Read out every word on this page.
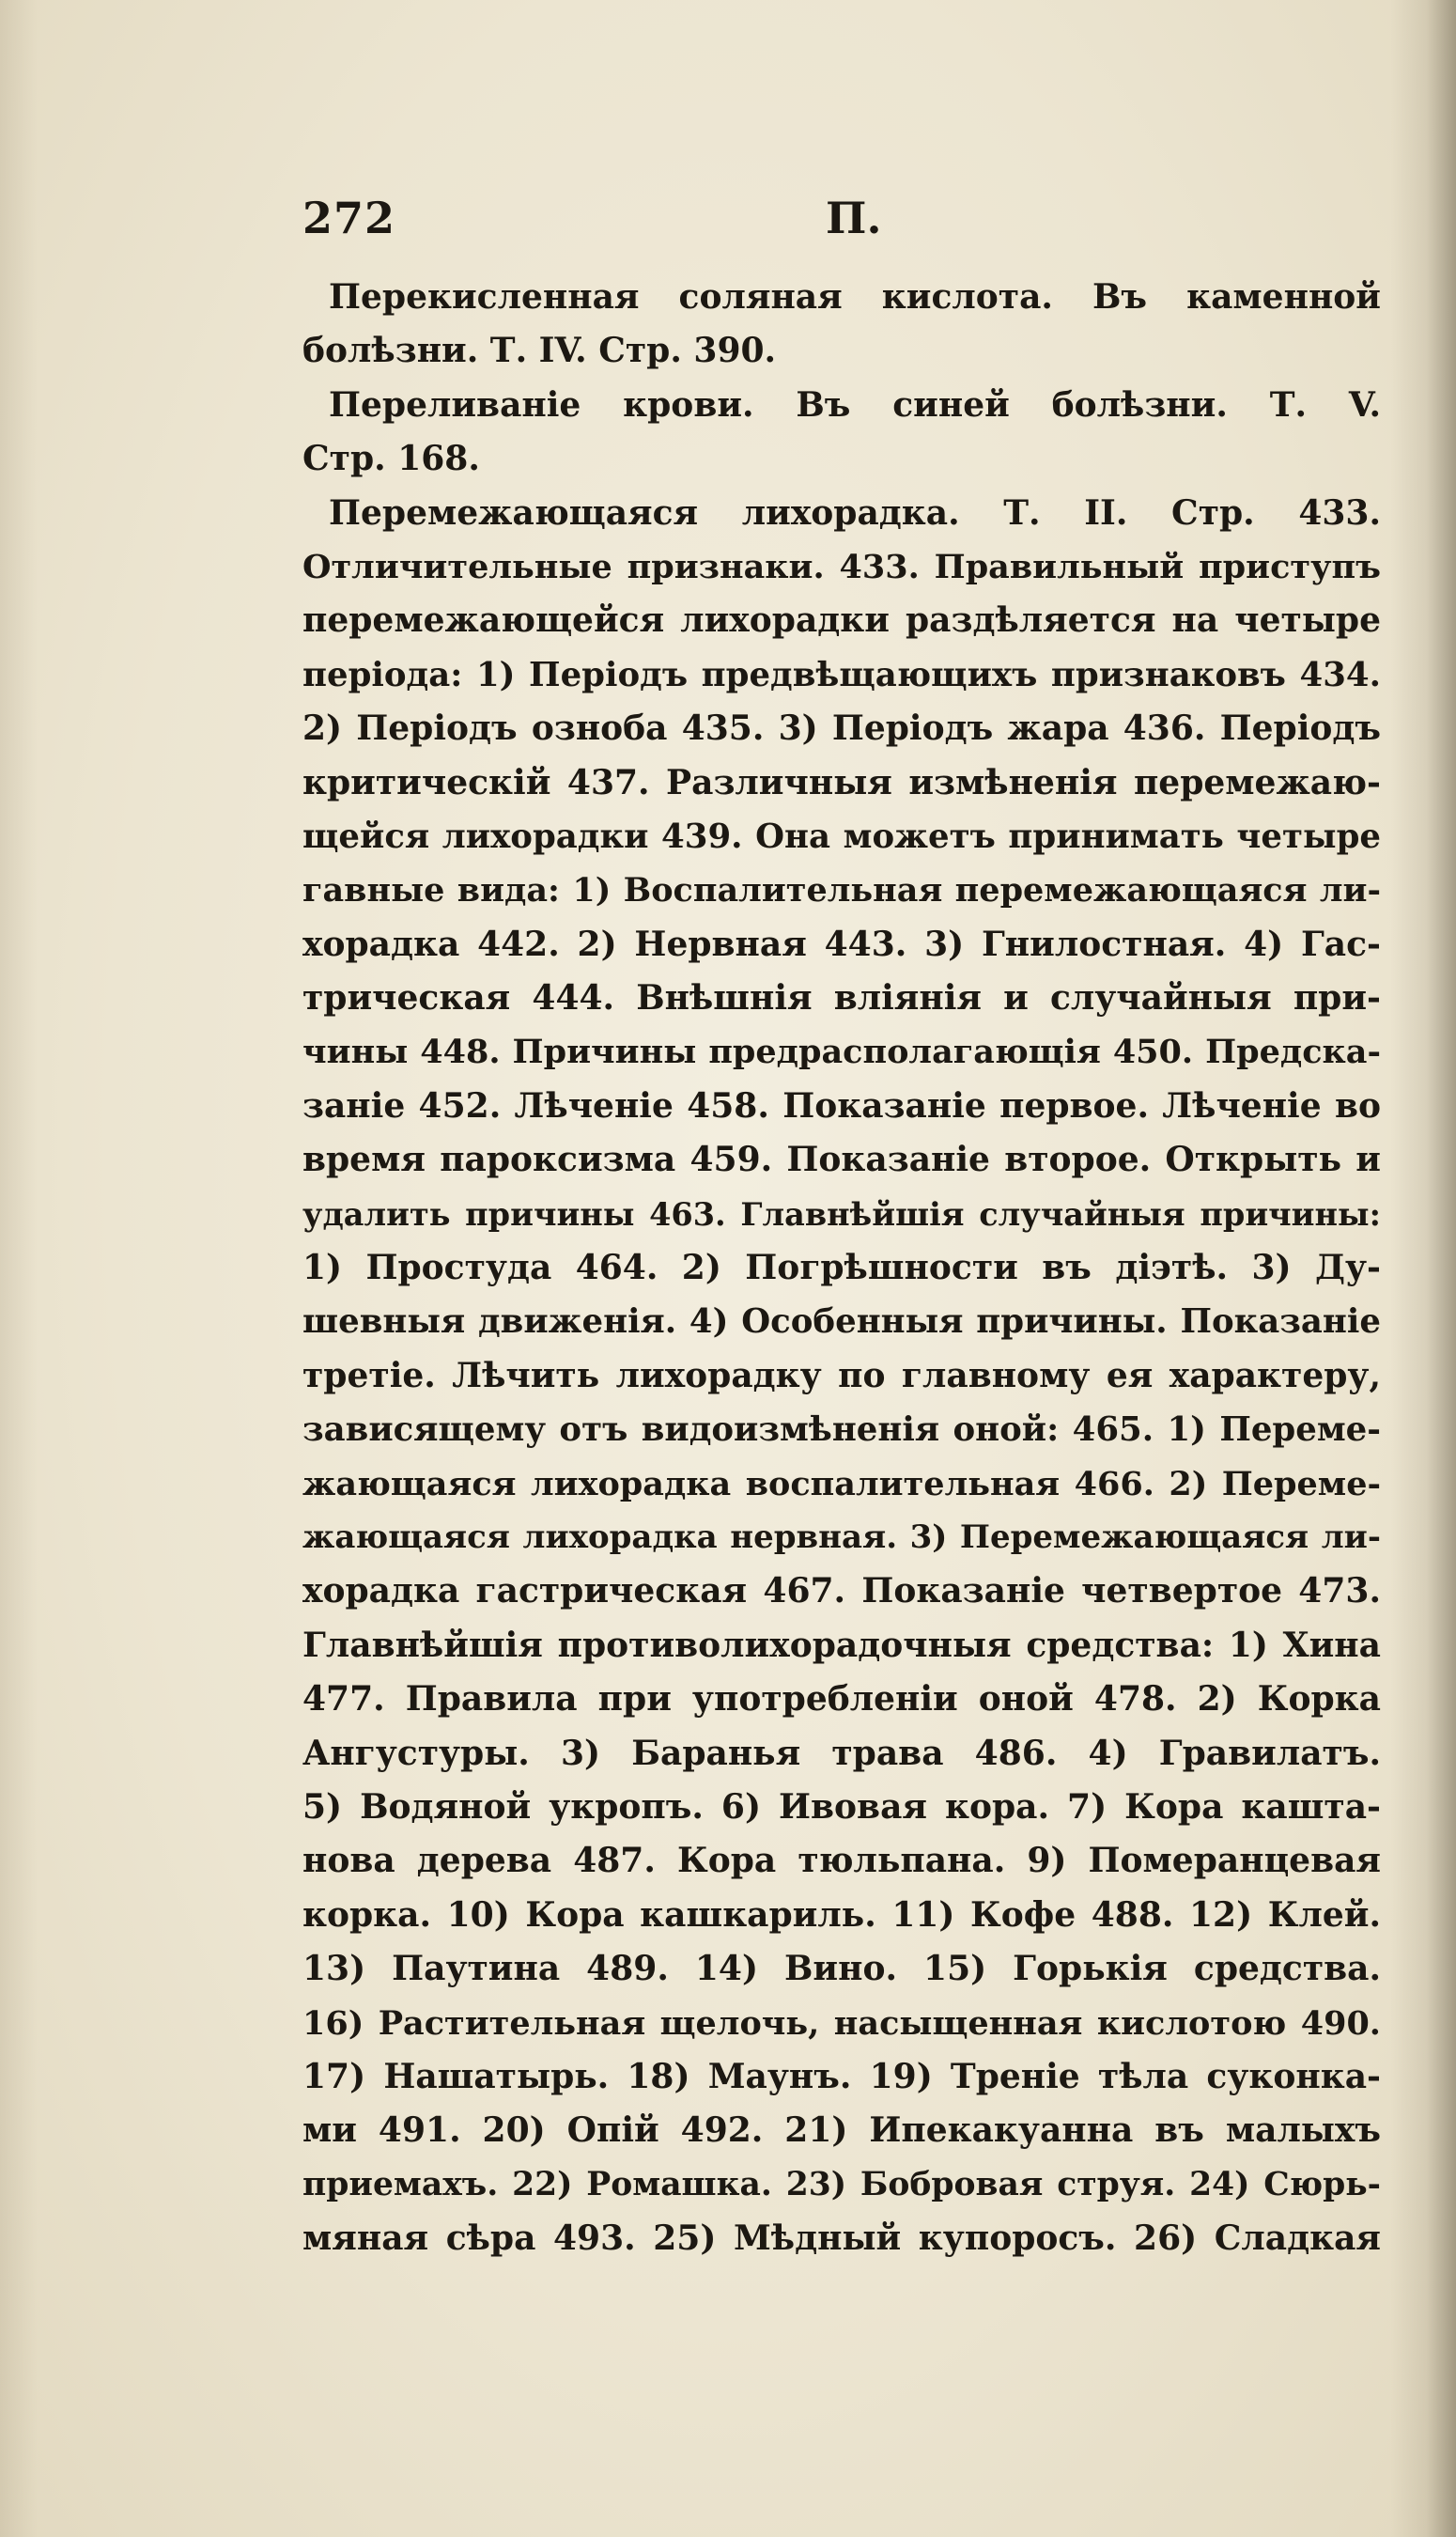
272	П.
Перекисленная соляная кислота. Въ каменной
болѣзни. Т. IV. Стр. 390.
Переливаніе крови. Въ синей болѣзни. Т. V.
Стр. 168.
Перемежающаяся лихорадка. Т. II. Стр. 433.
Отличительные признаки. 433. Правильный приступъ
перемежающейся лихорадки раздѣляется на четыре
періода: 1) Періодъ предвѣщающихъ признаковъ 434.
2) Періодъ озноба 435. 3) Періодъ жара 436. Періодъ
критическій 437. Различныя измѣненія перемежаю-
щейся лихорадки 439. Она можетъ принимать четыре
гавные вида: 1) Воспалительная перемежающаяся ли-
хорадка 442. 2) Нервная 443. 3) Гнилостная. 4) Гас-
трическая 444. Внѣшнія вліянія и случайныя при-
чины 448. Причины предрасполагающія 450. Предска-
заніе 452. Лѣченіе 458. Показаніе первое. Лѣченіе во
время пароксизма 459. Показаніе второе. Открыть и
удалить причины 463. Главнѣйшія случайныя причины:
1) Простуда 464. 2) Погрѣшности въ діэтѣ. 3) Ду-
шевныя движенія. 4) Особенныя причины. Показаніе
третіе. Лѣчить лихорадку по главному ея характеру,
зависящему отъ видоизмѣненія оной: 465. 1) Переме-
жающаяся лихорадка воспалительная 466. 2) Переме-
жающаяся лихорадка нервная. 3) Перемежающаяся ли-
хорадка гастрическая 467. Показаніе четвертое 473.
Главнѣйшія противолихорадочныя средства: 1) Хина
477. Правила при употребленіи оной 478. 2) Корка
Ангустуры. 3) Баранья трава 486. 4) Гравилатъ.
5) Водяной укропъ. 6) Ивовая кора. 7) Кора кашта-
нова дерева 487. Кора тюльпана. 9) Померанцевая
корка. 10) Кора кашкариль. 11) Кофе 488. 12) Клей.
13) Паутина 489. 14) Вино. 15) Горькія средства.
16) Растительная щелочь, насыщенная кислотою 490.
17) Нашатырь. 18) Маунъ. 19) Треніе тѣла суконка-
ми 491. 20) Опій 492. 21) Ипекакуанна въ малыхъ
приемахъ. 22) Ромашка. 23) Бобровая струя. 24) Сюрь-
мяная сѣра 493. 25) Мѣдный купоросъ. 26) Сладкая
